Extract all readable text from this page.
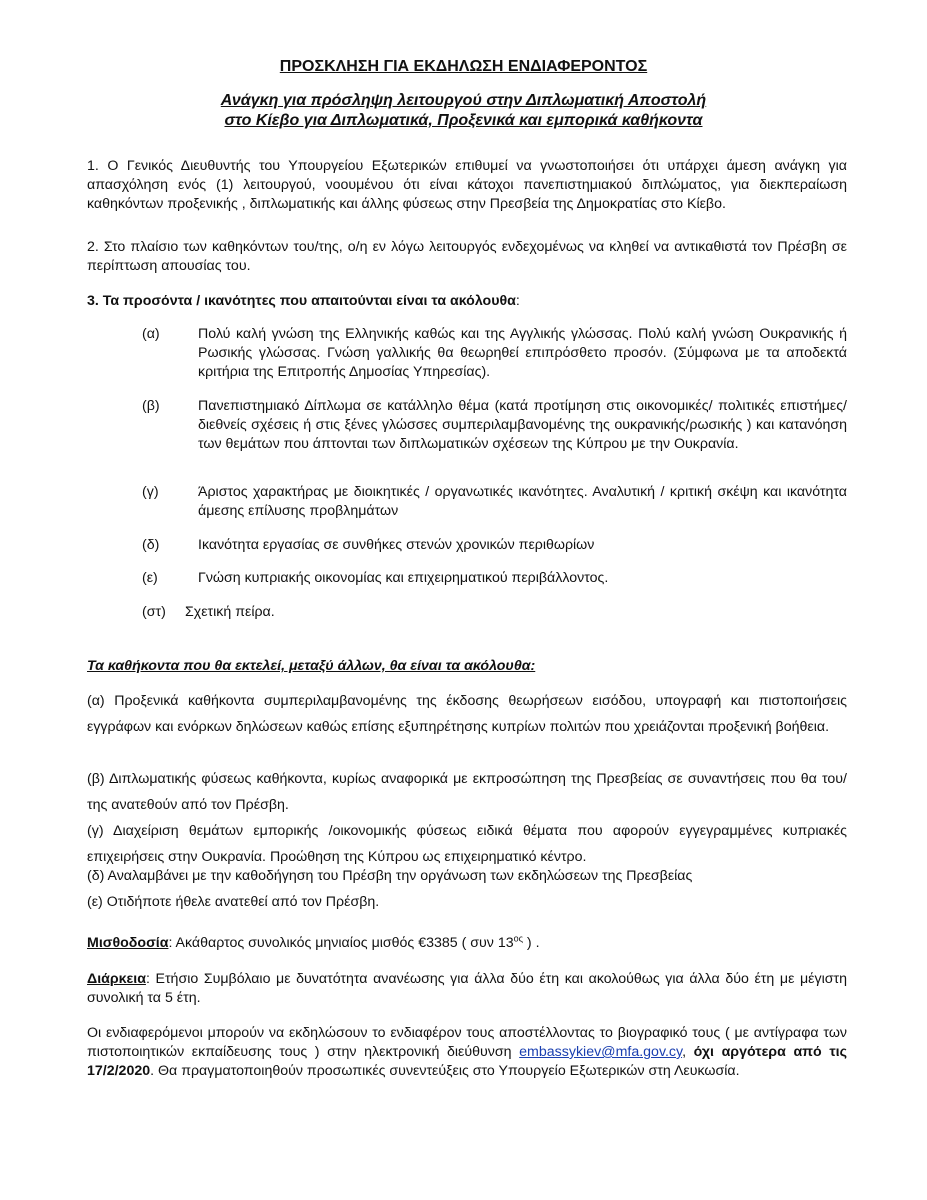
ΠΡΟΣΚΛΗΣΗ ΓΙΑ ΕΚΔΗΛΩΣΗ ΕΝΔΙΑΦΕΡΟΝΤΟΣ
Ανάγκη για πρόσληψη λειτουργού στην Διπλωματική Αποστολή
στο Κίεβο για Διπλωματικά, Προξενικά και εμπορικά καθήκοντα
1. Ο Γενικός Διευθυντής του Υπουργείου Εξωτερικών επιθυμεί να γνωστοποιήσει ότι υπάρχει άμεση ανάγκη για απασχόληση ενός (1) λειτουργού, νοουμένου ότι είναι κάτοχοι πανεπιστημιακού διπλώματος, για διεκπεραίωση καθηκόντων προξενικής , διπλωματικής και άλλης φύσεως στην Πρεσβεία της Δημοκρατίας στο Κίεβο.
2. Στο πλαίσιο των καθηκόντων του/της, ο/η εν λόγω λειτουργός ενδεχομένως να κληθεί να αντικαθιστά τον Πρέσβη σε περίπτωση απουσίας του.
3. Τα προσόντα / ικανότητες που απαιτούνται είναι τα ακόλουθα:
(α)	Πολύ καλή γνώση της Ελληνικής καθώς και της Αγγλικής γλώσσας. Πολύ καλή γνώση Ουκρανικής ή Ρωσικής γλώσσας. Γνώση γαλλικής θα θεωρηθεί επιπρόσθετο προσόν. (Σύμφωνα με τα αποδεκτά κριτήρια της Επιτροπής Δημοσίας Υπηρεσίας).
(β)	Πανεπιστημιακό Δίπλωμα σε κατάλληλο θέμα (κατά προτίμηση στις οικονομικές/ πολιτικές επιστήμες/ διεθνείς σχέσεις ή στις ξένες γλώσσες συμπεριλαμβανομένης της ουκρανικής/ρωσικής ) και κατανόηση των θεμάτων που άπτονται των διπλωματικών σχέσεων της Κύπρου με την Ουκρανία.
(γ)	Άριστος χαρακτήρας με διοικητικές / οργανωτικές ικανότητες. Αναλυτική / κριτική σκέψη και ικανότητα άμεσης επίλυσης προβλημάτων
(δ)	Ικανότητα εργασίας σε συνθήκες στενών χρονικών περιθωρίων
(ε)	Γνώση κυπριακής οικονομίας και επιχειρηματικού περιβάλλοντος.
(στ) Σχετική πείρα.
Τα καθήκοντα που θα εκτελεί, μεταξύ άλλων, θα είναι τα ακόλουθα:
(α) Προξενικά καθήκοντα συμπεριλαμβανομένης της έκδοσης θεωρήσεων εισόδου, υπογραφή και πιστοποιήσεις εγγράφων και ενόρκων δηλώσεων καθώς επίσης εξυπηρέτησης κυπρίων πολιτών που χρειάζονται προξενική βοήθεια.
(β) Διπλωματικής φύσεως καθήκοντα, κυρίως αναφορικά με εκπροσώπηση της Πρεσβείας σε συναντήσεις που θα του/ της ανατεθούν από τον Πρέσβη.
(γ) Διαχείριση θεμάτων εμπορικής /οικονομικής φύσεως ειδικά θέματα που αφορούν εγγεγραμμένες κυπριακές επιχειρήσεις στην Ουκρανία. Προώθηση της Κύπρου ως επιχειρηματικό κέντρο.
(δ) Αναλαμβάνει με την καθοδήγηση του Πρέσβη την οργάνωση των εκδηλώσεων της Πρεσβείας
(ε) Οτιδήποτε ήθελε ανατεθεί από τον Πρέσβη.
Μισθοδοσία: Ακάθαρτος συνολικός μηνιαίος μισθός €3385 ( συν $13^{o\varsigma}$ ) .
Διάρκεια: Ετήσιο Συμβόλαιο με δυνατότητα ανανέωσης για άλλα δύο έτη και ακολούθως για άλλα δύο έτη με μέγιστη συνολική τα 5 έτη.
Οι ενδιαφερόμενοι μπορούν να εκδηλώσουν το ενδιαφέρον τους αποστέλλοντας το βιογραφικό τους ( με αντίγραφα των πιστοποιητικών εκπαίδευσης τους ) στην ηλεκτρονική διεύθυνση embassykiev@mfa.gov.cy, όχι αργότερα από τις 17/2/2020. Θα πραγματοποιηθούν προσωπικές συνεντεύξεις στο Υπουργείο Εξωτερικών στη Λευκωσία.
